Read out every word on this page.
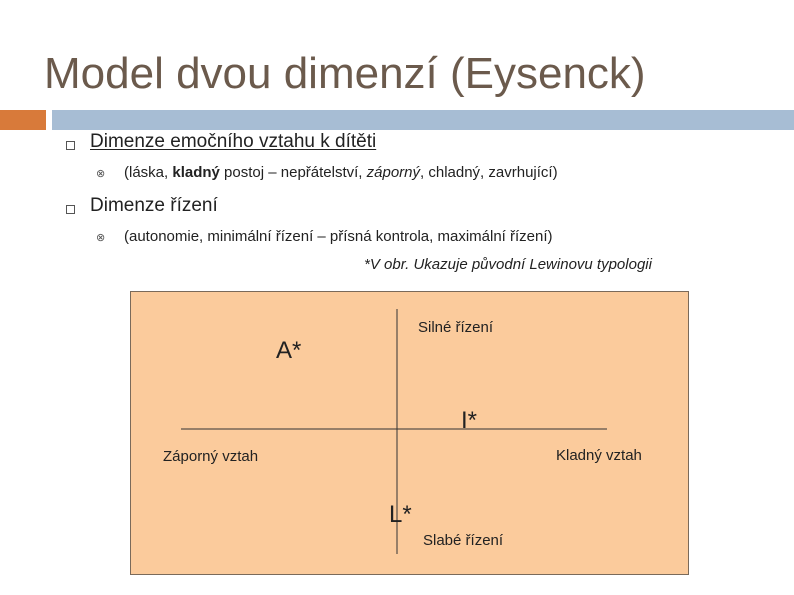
Model dvou dimenzí (Eysenck)
Dimenze emočního vztahu k dítěti
⊗ (láska, kladný postoj – nepřátelství, záporný, chladný, zavrhující)
Dimenze řízení
⊗ (autonomie, minimální řízení – přísná kontrola, maximální řízení)
*V obr. Ukazuje původní Lewinovu typologii
Silné řízení
Slabé řízení
Záporný vztah	Kladný vztah
A*
I*
L*
